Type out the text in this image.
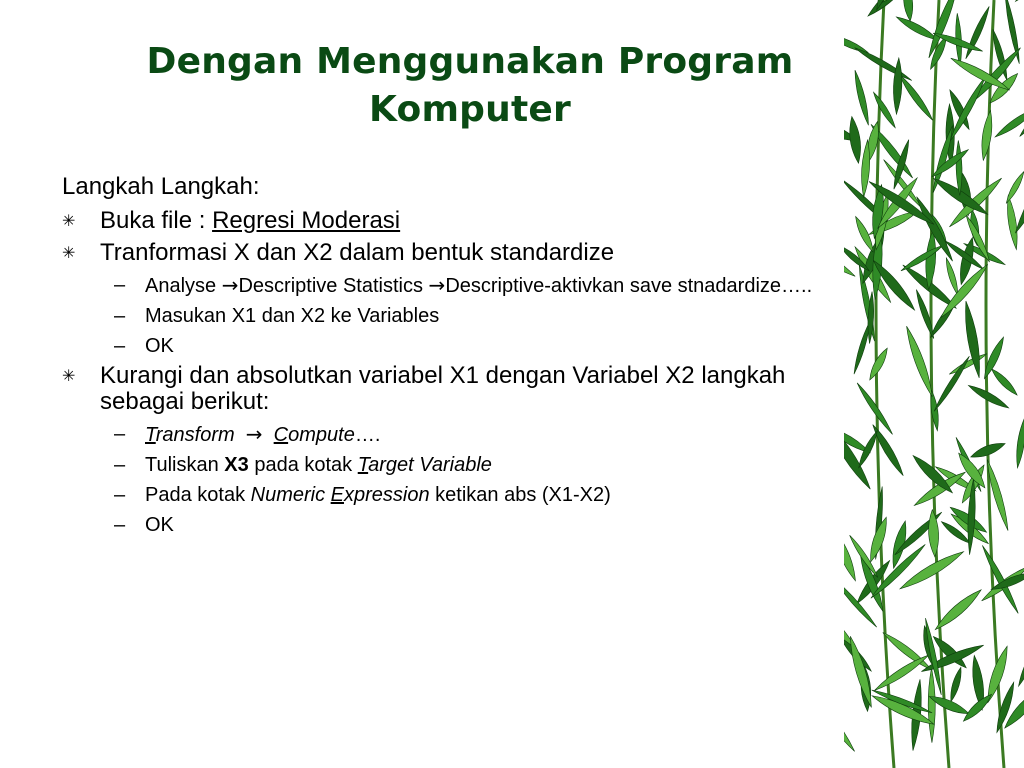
Dengan Menggunakan Program
Komputer
Langkah Langkah:
✳ Buka file : Regresi Moderasi
✳ Tranformasi X dan X2 dalam bentuk standardize
– Analyse →Descriptive Statistics →Descriptive-aktivkan save stnadardize…..
– Masukan X1 dan X2 ke Variables
– OK
✳ Kurangi dan absolutkan variabel X1 dengan Variabel X2 langkah sebagai berikut:
– Transform → Compute….
– Tuliskan X3 pada kotak Target Variable
– Pada kotak Numeric Expression ketikan abs (X1-X2)
– OK
